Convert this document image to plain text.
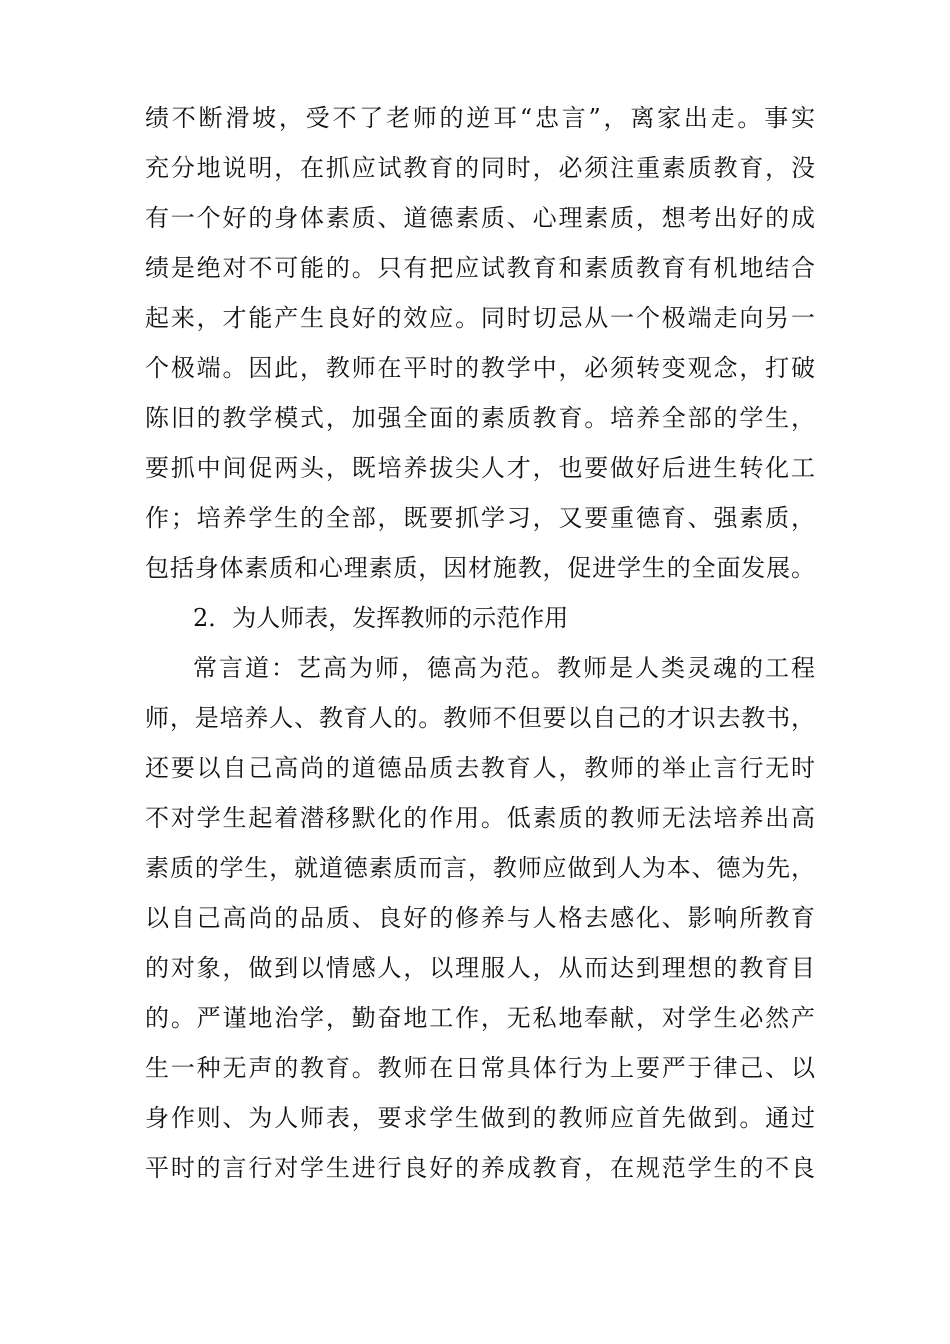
绩不断滑坡，受不了老师的逆耳“忠言”，离家出走。事实
充分地说明，在抓应试教育的同时，必须注重素质教育，没
有一个好的身体素质、道德素质、心理素质，想考出好的成
绩是绝对不可能的。只有把应试教育和素质教育有机地结合
起来，才能产生良好的效应。同时切忌从一个极端走向另一
个极端。因此，教师在平时的教学中，必须转变观念，打破
陈旧的教学模式，加强全面的素质教育。培养全部的学生，
要抓中间促两头，既培养拔尖人才，也要做好后进生转化工
作；培养学生的全部，既要抓学习，又要重德育、强素质，
包括身体素质和心理素质，因材施教，促进学生的全面发展。
2．为人师表，发挥教师的示范作用
常言道：艺高为师，德高为范。教师是人类灵魂的工程
师，是培养人、教育人的。教师不但要以自己的才识去教书，
还要以自己高尚的道德品质去教育人，教师的举止言行无时
不对学生起着潜移默化的作用。低素质的教师无法培养出高
素质的学生，就道德素质而言，教师应做到人为本、德为先，
以自己高尚的品质、良好的修养与人格去感化、影响所教育
的对象，做到以情感人，以理服人，从而达到理想的教育目
的。严谨地治学，勤奋地工作，无私地奉献，对学生必然产
生一种无声的教育。教师在日常具体行为上要严于律己、以
身作则、为人师表，要求学生做到的教师应首先做到。通过
平时的言行对学生进行良好的养成教育，在规范学生的不良
